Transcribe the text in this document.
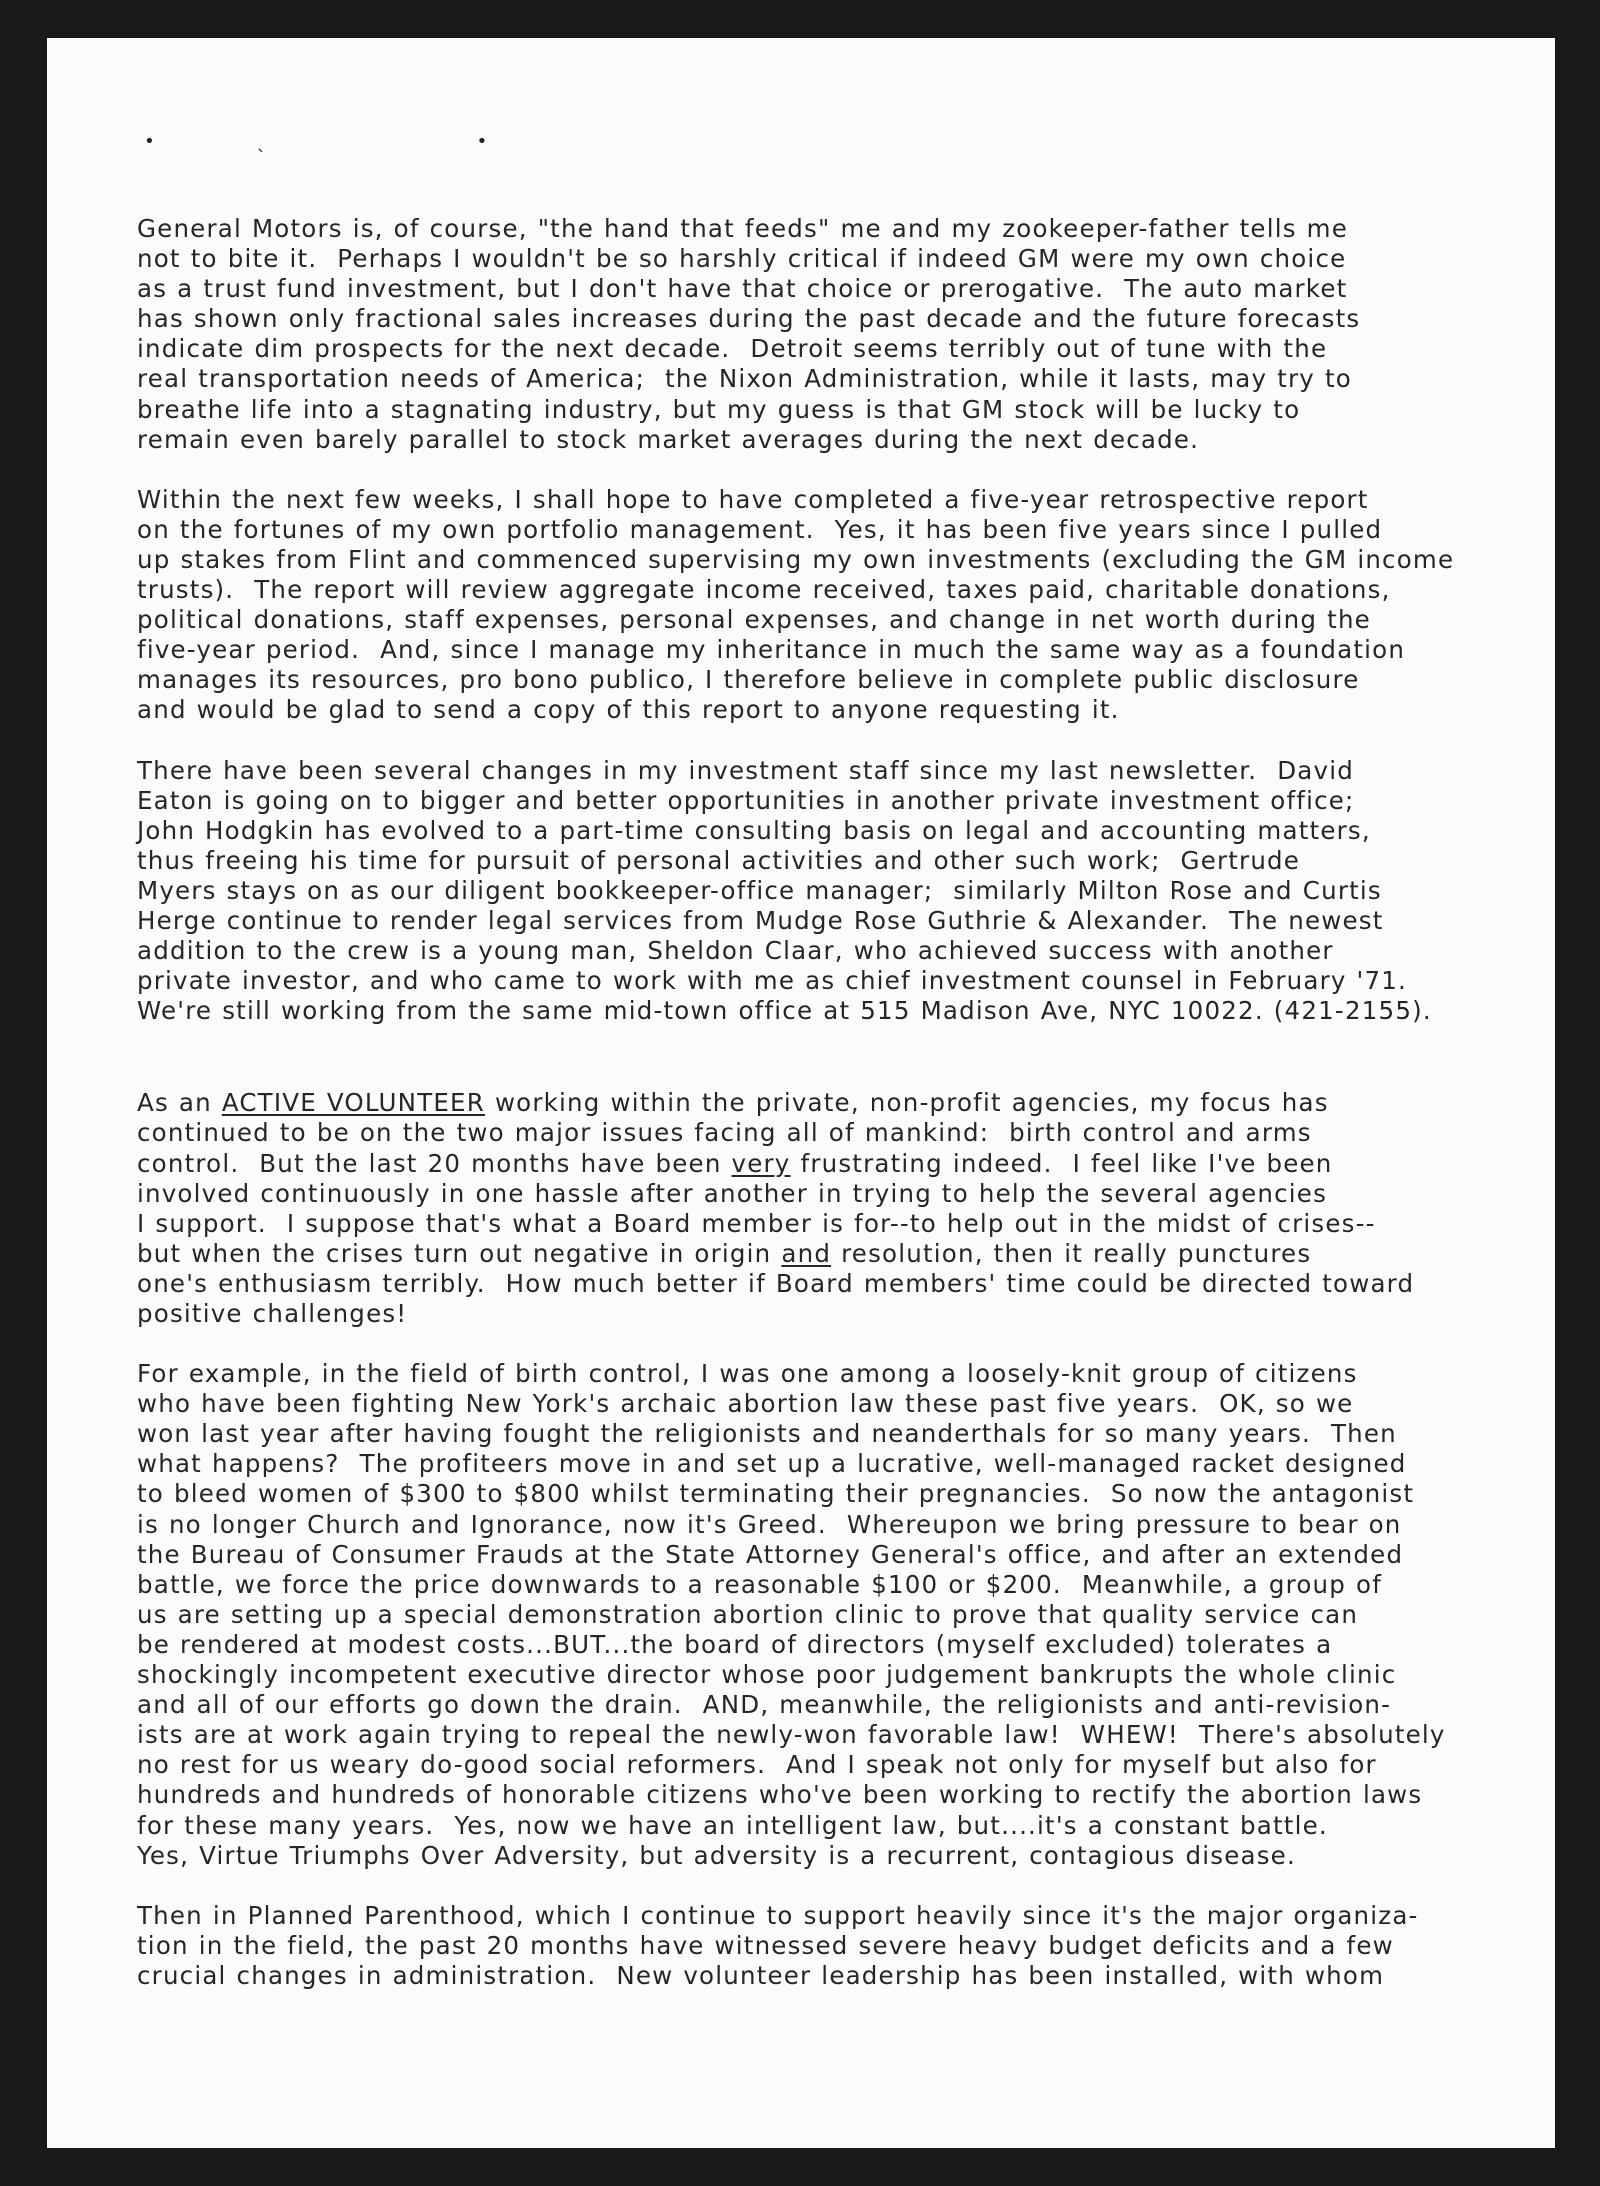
•ˎ •
General Motors is, of course, "the hand that feeds" me and my zookeeper-father tells me
not to bite it.  Perhaps I wouldn't be so harshly critical if indeed GM were my own choice
as a trust fund investment, but I don't have that choice or prerogative.  The auto market
has shown only fractional sales increases during the past decade and the future forecasts
indicate dim prospects for the next decade.  Detroit seems terribly out of tune with the
real transportation needs of America;  the Nixon Administration, while it lasts, may try to
breathe life into a stagnating industry, but my guess is that GM stock will be lucky to
remain even barely parallel to stock market averages during the next decade.
Within the next few weeks, I shall hope to have completed a five-year retrospective report
on the fortunes of my own portfolio management.  Yes, it has been five years since I pulled
up stakes from Flint and commenced supervising my own investments (excluding the GM income
trusts).  The report will review aggregate income received, taxes paid, charitable donations,
political donations, staff expenses, personal expenses, and change in net worth during the
five-year period.  And, since I manage my inheritance in much the same way as a foundation
manages its resources, pro bono publico, I therefore believe in complete public disclosure
and would be glad to send a copy of this report to anyone requesting it.
There have been several changes in my investment staff since my last newsletter.  David
Eaton is going on to bigger and better opportunities in another private investment office;
John Hodgkin has evolved to a part-time consulting basis on legal and accounting matters,
thus freeing his time for pursuit of personal activities and other such work;  Gertrude
Myers stays on as our diligent bookkeeper-office manager;  similarly Milton Rose and Curtis
Herge continue to render legal services from Mudge Rose Guthrie & Alexander.  The newest
addition to the crew is a young man, Sheldon Claar, who achieved success with another
private investor, and who came to work with me as chief investment counsel in February '71.
We're still working from the same mid-town office at 515 Madison Ave, NYC 10022. (421-2155).
As an ACTIVE VOLUNTEER working within the private, non-profit agencies, my focus has
continued to be on the two major issues facing all of mankind:  birth control and arms
control.  But the last 20 months have been very frustrating indeed.  I feel like I've been
involved continuously in one hassle after another in trying to help the several agencies
I support.  I suppose that's what a Board member is for--to help out in the midst of crises--
but when the crises turn out negative in origin and resolution, then it really punctures
one's enthusiasm terribly.  How much better if Board members' time could be directed toward
positive challenges!
For example, in the field of birth control, I was one among a loosely-knit group of citizens
who have been fighting New York's archaic abortion law these past five years.  OK, so we
won last year after having fought the religionists and neanderthals for so many years.  Then
what happens?  The profiteers move in and set up a lucrative, well-managed racket designed
to bleed women of $300 to $800 whilst terminating their pregnancies.  So now the antagonist
is no longer Church and Ignorance, now it's Greed.  Whereupon we bring pressure to bear on
the Bureau of Consumer Frauds at the State Attorney General's office, and after an extended
battle, we force the price downwards to a reasonable $100 or $200.  Meanwhile, a group of
us are setting up a special demonstration abortion clinic to prove that quality service can
be rendered at modest costs...BUT...the board of directors (myself excluded) tolerates a
shockingly incompetent executive director whose poor judgement bankrupts the whole clinic
and all of our efforts go down the drain.  AND, meanwhile, the religionists and anti-revision-
ists are at work again trying to repeal the newly-won favorable law!  WHEW!  There's absolutely
no rest for us weary do-good social reformers.  And I speak not only for myself but also for
hundreds and hundreds of honorable citizens who've been working to rectify the abortion laws
for these many years.  Yes, now we have an intelligent law, but....it's a constant battle.
Yes, Virtue Triumphs Over Adversity, but adversity is a recurrent, contagious disease.
Then in Planned Parenthood, which I continue to support heavily since it's the major organiza-
tion in the field, the past 20 months have witnessed severe heavy budget deficits and a few
crucial changes in administration.  New volunteer leadership has been installed, with whom
